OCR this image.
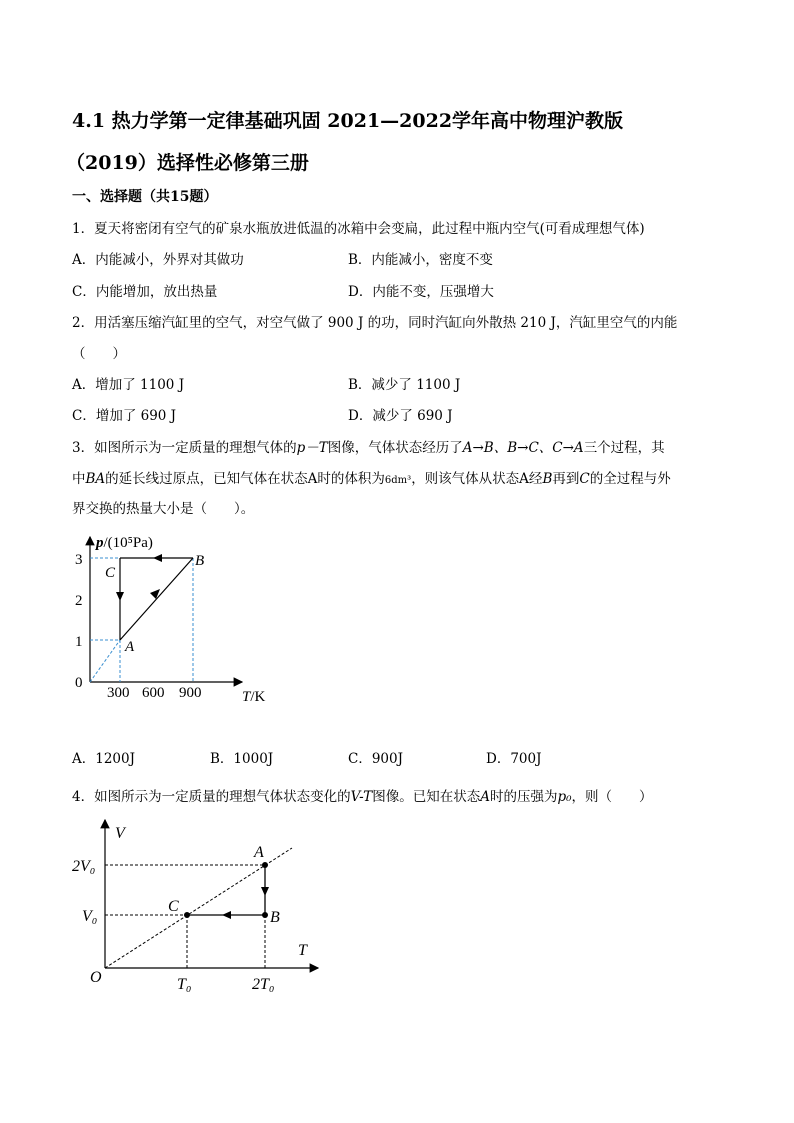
4.1 热力学第一定律基础巩固 2021—2022学年高中物理沪教版
（2019）选择性必修第三册
一、选择题（共15题）
1．夏天将密闭有空气的矿泉水瓶放进低温的冰箱中会变扁，此过程中瓶内空气(可看成理想气体)
A．内能减小，外界对其做功	B．内能减小，密度不变
C．内能增加，放出热量	D．内能不变，压强增大
2．用活塞压缩汽缸里的空气，对空气做了 900 J 的功，同时汽缸向外散热 210 J，汽缸里空气的内能
（　　）
A．增加了 1100 J	B．减少了 1100 J
C．增加了 690 J	D．减少了 690 J
3．如图所示为一定质量的理想气体的p－T图像，气体状态经历了A→B、B→C、C→A三个过程，其
中BA的延长线过原点，已知气体在状态A时的体积为6dm³，则该气体从状态A经B再到C的全过程与外
界交换的热量大小是（　　）。
p/(10⁵Pa)
3
2
1
0
300 600 900	T/K
A
B
C
A．1200J	B．1000J	C．900J	D．700J
4．如图所示为一定质量的理想气体状态变化的V-T图像。已知在状态A时的压强为p₀，则（　　）
V
T
O
2V₀
V₀
T₀	2T₀
A
B
C
